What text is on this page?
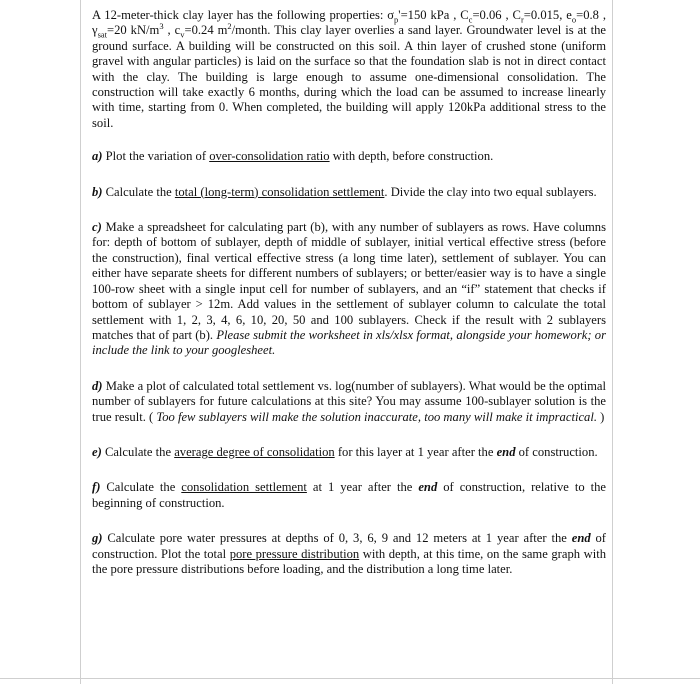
A 12-meter-thick clay layer has the following properties: $\sigma_p'=150$ kPa , $C_c=0.06$ , $C_r=0.015$, $e_o=0.8$ , $\gamma_{sat}=20$ $kN/m^3$ , $c_v=0.24$ $m^2$/month. This clay layer overlies a sand layer. Groundwater level is at the ground surface. A building will be constructed on this soil. A thin layer of crushed stone (uniform gravel with angular particles) is laid on the surface so that the foundation slab is not in direct contact with the clay. The building is large enough to assume one-dimensional consolidation. The construction will take exactly 6 months, during which the load can be assumed to increase linearly with time, starting from 0. When completed, the building will apply 120kPa additional stress to the soil.

a) Plot the variation of over-consolidation ratio with depth, before construction.

b) Calculate the total (long-term) consolidation settlement. Divide the clay into two equal sublayers.

c) Make a spreadsheet for calculating part (b), with any number of sublayers as rows. Have columns for: depth of bottom of sublayer, depth of middle of sublayer, initial vertical effective stress (before the construction), final vertical effective stress (a long time later), settlement of sublayer. You can either have separate sheets for different numbers of sublayers; or better/easier way is to have a single 100-row sheet with a single input cell for number of sublayers, and an “if” statement that checks if bottom of sublayer > 12m. Add values in the settlement of sublayer column to calculate the total settlement with 1, 2, 3, 4, 6, 10, 20, 50 and 100 sublayers. Check if the result with 2 sublayers matches that of part (b). Please submit the worksheet in xls/xlsx format, alongside your homework; or include the link to your googlesheet.

d) Make a plot of calculated total settlement vs. log(number of sublayers). What would be the optimal number of sublayers for future calculations at this site? You may assume 100-sublayer solution is the true result. ( Too few sublayers will make the solution inaccurate, too many will make it impractical. )

e) Calculate the average degree of consolidation for this layer at 1 year after the end of construction.

f) Calculate the consolidation settlement at 1 year after the end of construction, relative to the beginning of construction.

g) Calculate pore water pressures at depths of 0, 3, 6, 9 and 12 meters at 1 year after the end of construction. Plot the total pore pressure distribution with depth, at this time, on the same graph with the pore pressure distributions before loading, and the distribution a long time later.
